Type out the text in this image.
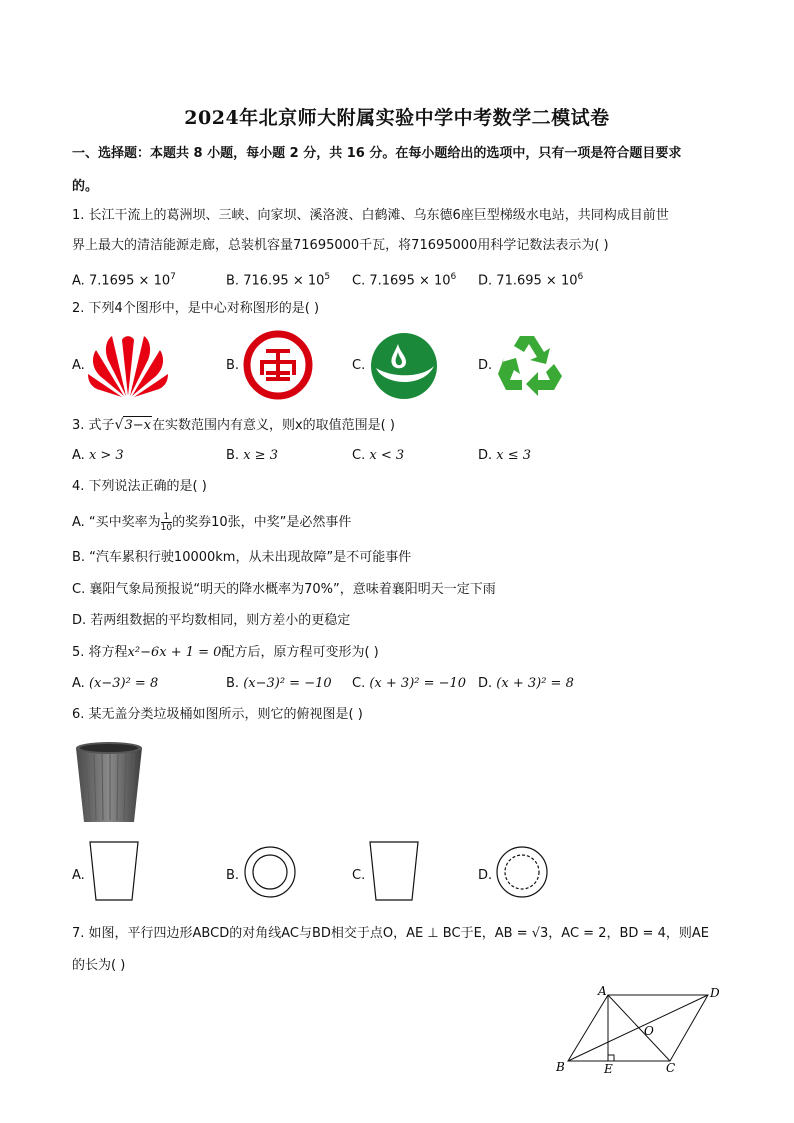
2024年北京师大附属实验中学中考数学二模试卷
一、选择题：本题共 8 小题，每小题 2 分，共 16 分。在每小题给出的选项中，只有一项是符合题目要求
的。
1. 长江干流上的葛洲坝、三峡、向家坝、溪洛渡、白鹤滩、乌东德6座巨型梯级水电站，共同构成目前世
界上最大的清洁能源走廊，总装机容量71695000千瓦，将71695000用科学记数法表示为( )
A. $7.1695 \times 10^7$	B. $716.95 \times 10^5$ C. $7.1695 \times 10^6$ D. $71.695 \times 10^6$
2. 下列4个图形中，是中心对称图形的是( )
A.	B.	C.	D.
3. 式子√3−x在实数范围内有意义，则x的取值范围是( )
A. x > 3	B. x ≥ 3	C. x < 3	D. x ≤ 3
4. 下列说法正确的是( )
A. “买中奖率为 $\frac{1}{10}$ 的奖券10张，中奖”是必然事件
B. “汽车累积行驶10000km，从未出现故障”是不可能事件
C. 襄阳气象局预报说“明天的降水概率为70%”，意味着襄阳明天一定下雨
D. 若两组数据的平均数相同，则方差小的更稳定
5. 将方程x²−6x + 1 = 0配方后，原方程可变形为( )
A. (x−3)² = 8	B. (x−3)² = −10 C. (x + 3)² = −10 D. (x + 3)² = 8
6. 某无盖分类垃圾桶如图所示，则它的俯视图是( )
A.	B.	C.	D.
7. 如图，平行四边形ABCD的对角线AC与BD相交于点O，AE ⊥ BC于E，AB = √3，AC = 2，BD = 4，则AE
的长为( )
A	D
O
B	E	C
